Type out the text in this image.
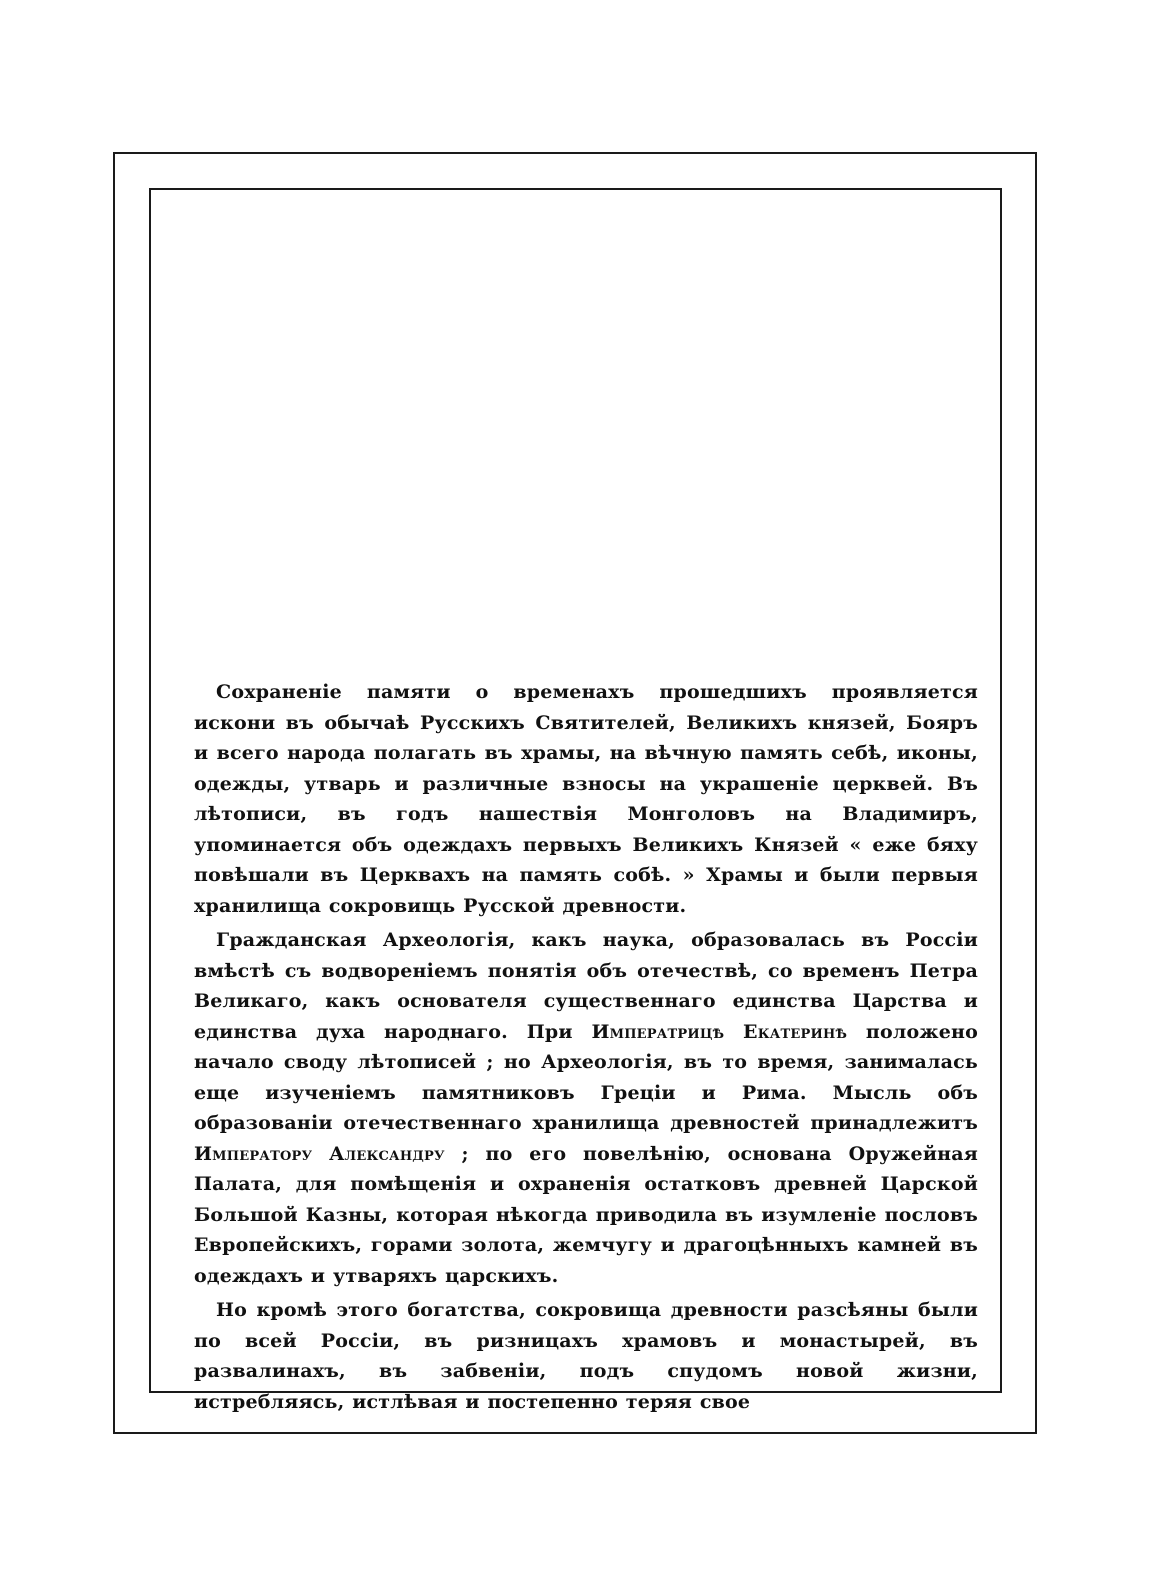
Сохраненіе памяти о временахъ прошедшихъ проявляется искони въ обычаѣ Русскихъ Святителей, Великихъ князей, Бояръ и всего народа полагать въ храмы, на вѣчную память себѣ, иконы, одежды, утварь и различные взносы на украшеніе церквей. Въ лѣтописи, въ годъ нашествія Монголовъ на Владимиръ, упоминается объ одеждахъ первыхъ Великихъ Князей « еже бяху повѣшали въ Церквахъ на память собѣ. » Храмы и были первыя хранилища сокровищь Русской древности.

Гражданская Археологія, какъ наука, образовалась въ Россіи вмѣстѣ съ водвореніемъ понятія объ отечествѣ, со временъ Петра Великаго, какъ основателя существеннаго единства Царства и единства духа народнаго. При Императрицѣ Екатеринѣ положено начало своду лѣтописей ; но Археологія, въ то время, занималась еще изученіемъ памятниковъ Греціи и Рима. Мысль объ образованіи отечественнаго хранилища древностей принадлежитъ Императору Александру ; по его повелѣнію, основана Оружейная Палата, для помѣщенія и охраненія остатковъ древней Царской Большой Казны, которая нѣкогда приводила въ изумленіе пословъ Европейскихъ, горами золота, жемчугу и драгоцѣнныхъ камней въ одеждахъ и утваряхъ царскихъ.

Но кромѣ этого богатства, сокровища древности разсѣяны были по всей Россіи, въ ризницахъ храмовъ и монастырей, въ развалинахъ, въ забвеніи, подъ спудомъ новой жизни, истребляясь, истлѣвая и постепенно теряя свое
